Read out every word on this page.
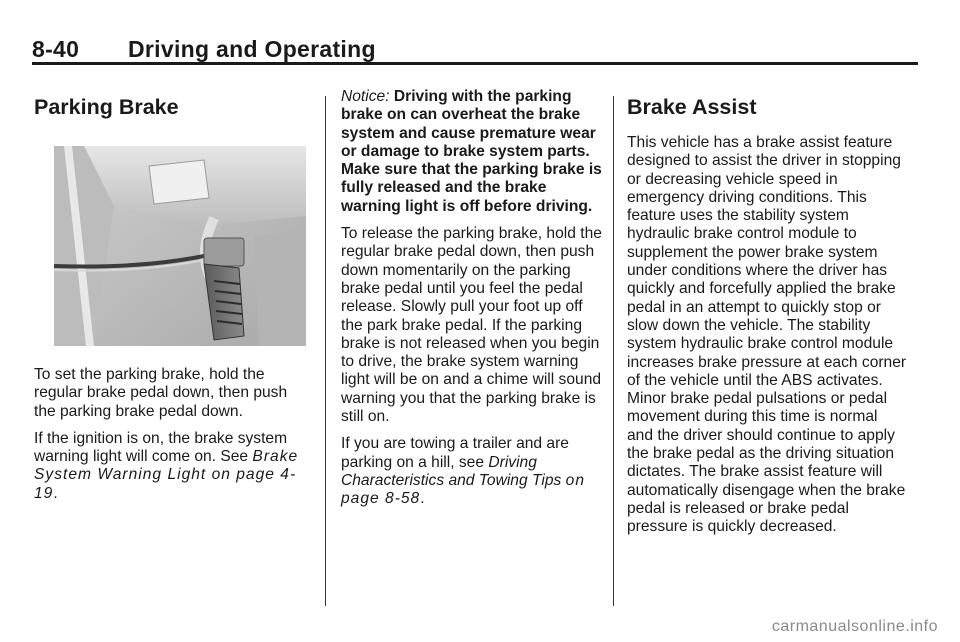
8-40 Driving and Operating
Parking Brake

To set the parking brake, hold the regular brake pedal down, then push the parking brake pedal down.

If the ignition is on, the brake system warning light will come on. See Brake System Warning Light on page 4-19.

Notice: Driving with the parking brake on can overheat the brake system and cause premature wear or damage to brake system parts. Make sure that the parking brake is fully released and the brake warning light is off before driving.

To release the parking brake, hold the regular brake pedal down, then push down momentarily on the parking brake pedal until you feel the pedal release. Slowly pull your foot up off the park brake pedal. If the parking brake is not released when you begin to drive, the brake system warning light will be on and a chime will sound warning you that the parking brake is still on.

If you are towing a trailer and are parking on a hill, see Driving Characteristics and Towing Tips on page 8-58.

Brake Assist

This vehicle has a brake assist feature designed to assist the driver in stopping or decreasing vehicle speed in emergency driving conditions. This feature uses the stability system hydraulic brake control module to supplement the power brake system under conditions where the driver has quickly and forcefully applied the brake pedal in an attempt to quickly stop or slow down the vehicle. The stability system hydraulic brake control module increases brake pressure at each corner of the vehicle until the ABS activates. Minor brake pedal pulsations or pedal movement during this time is normal and the driver should continue to apply the brake pedal as the driving situation dictates. The brake assist feature will automatically disengage when the brake pedal is released or brake pedal pressure is quickly decreased.

carmanualsonline.info
